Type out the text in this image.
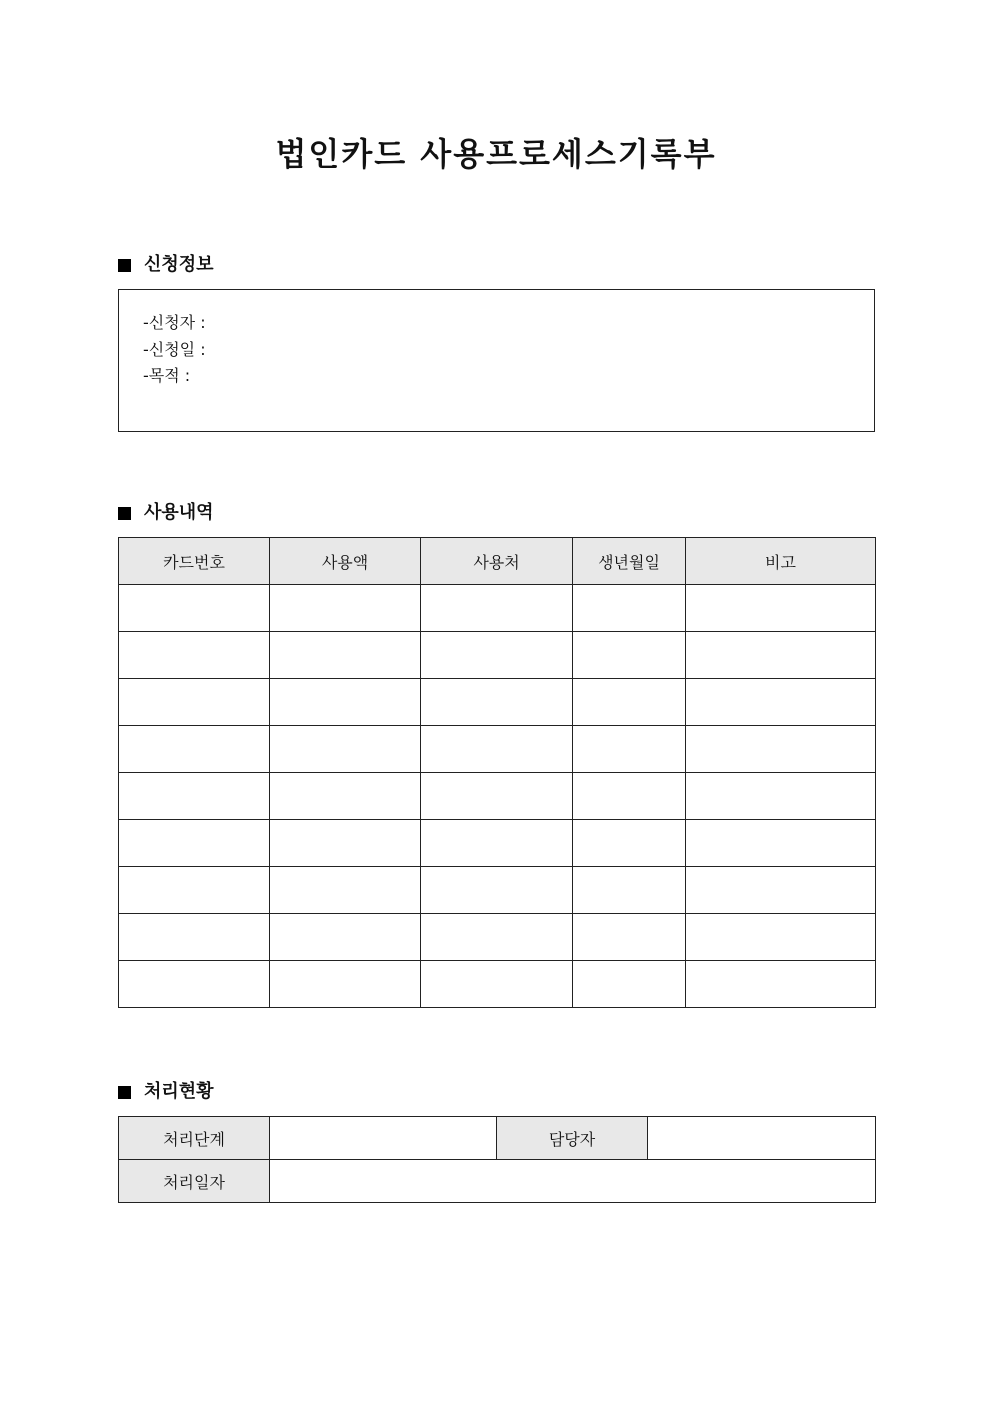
법인카드 사용프로세스기록부
신청정보
-신청자 :
-신청일 :
-목적 :
사용내역
카드번호	사용액	사용처	생년월일	비고

처리현황
처리단계		담당자	
처리일자			
